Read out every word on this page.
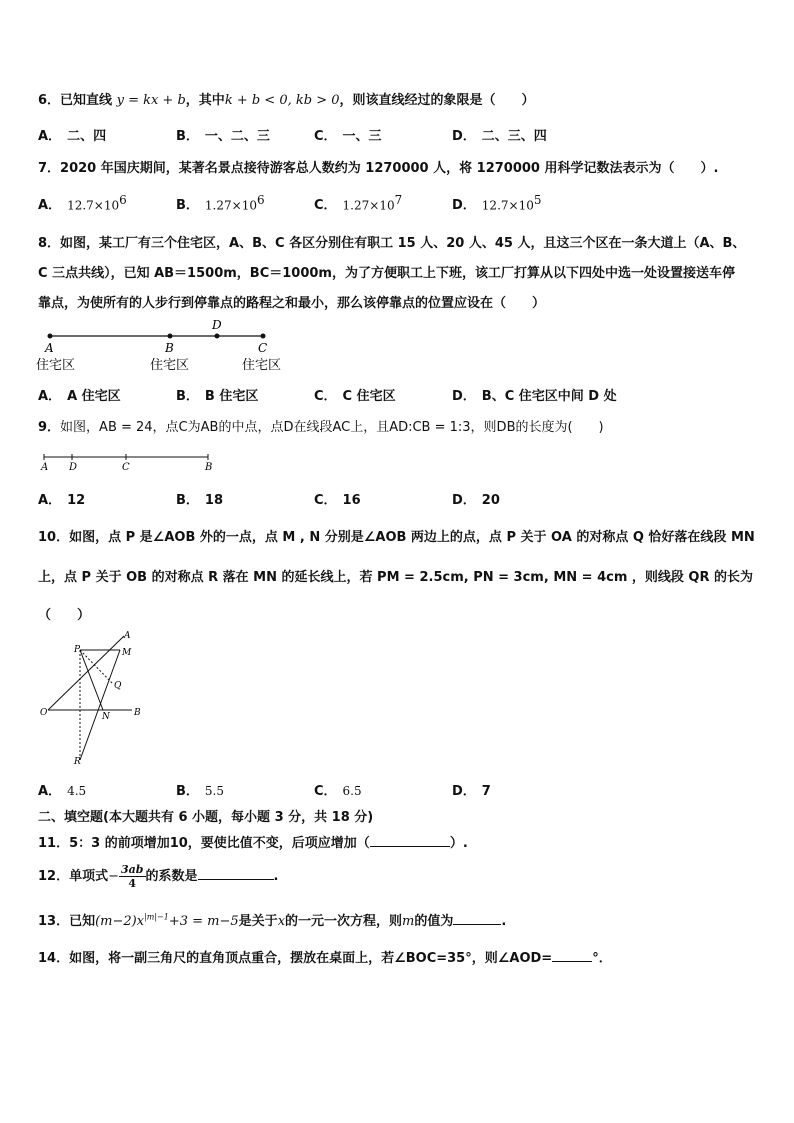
6．已知直线 y = kx + b，其中k + b < 0, kb > 0，则该直线经过的象限是（　　）
A． 二、四	B． 一、二、三	C． 一、三	D． 二、三、四
7．2020 年国庆期间，某著名景点接待游客总人数约为 1270000 人，将 1270000 用科学记数法表示为（　　）.
A． $12.7\times 10^6$	B． $1.27\times 10^6$	C． $1.27\times 10^7$	D． $12.7\times 10^5$
8．如图，某工厂有三个住宅区，A、B、C 各区分别住有职工 15 人、20 人、45 人，且这三个区在一条大道上（A、B、
C 三点共线），已知 AB＝1500m，BC＝1000m，为了方便职工上下班，该工厂打算从以下四处中选一处设置接送车停
靠点，为使所有的人步行到停靠点的路程之和最小，那么该停靠点的位置应设在（　　）
A	B
D
C
住宅区	住宅区	住宅区
A． A 住宅区	B． B 住宅区	C． C 住宅区	D． B、C 住宅区中间 D 处
9．如图，AB = 24，点C为AB的中点，点D在线段AC上，且AD:CB = 1:3，则DB的长度为(　　)
A D	C	B
A． 12	B． 18	C． 16	D． 20
10．如图，点 P 是∠AOB 外的一点，点 M , N 分别是∠AOB 两边上的点，点 P 关于 OA 的对称点 Q 恰好落在线段 MN
上，点 P 关于 OB 的对称点 R 落在 MN 的延长线上，若 PM = 2.5cm, PN = 3cm, MN = 4cm ，则线段 QR 的长为
（　　）
A
P	M
Q
O	N	B
R
A． 4.5	B． 5.5	C． 6.5	D． 7
二、填空题(本大题共有 6 小题，每小题 3 分，共 18 分)
11．5：3 的前项增加10，要使比值不变，后项应增加（	）.
12．单项式− $\frac{3ab}{4}$ 的系数是	.
13．已知$(m-2)x^{|m|-1}+3 = m-5$是关于x的一元一次方程，则m的值为	.
14．如图，将一副三角尺的直角顶点重合，摆放在桌面上，若∠BOC=35°，则∠AOD=	°．
